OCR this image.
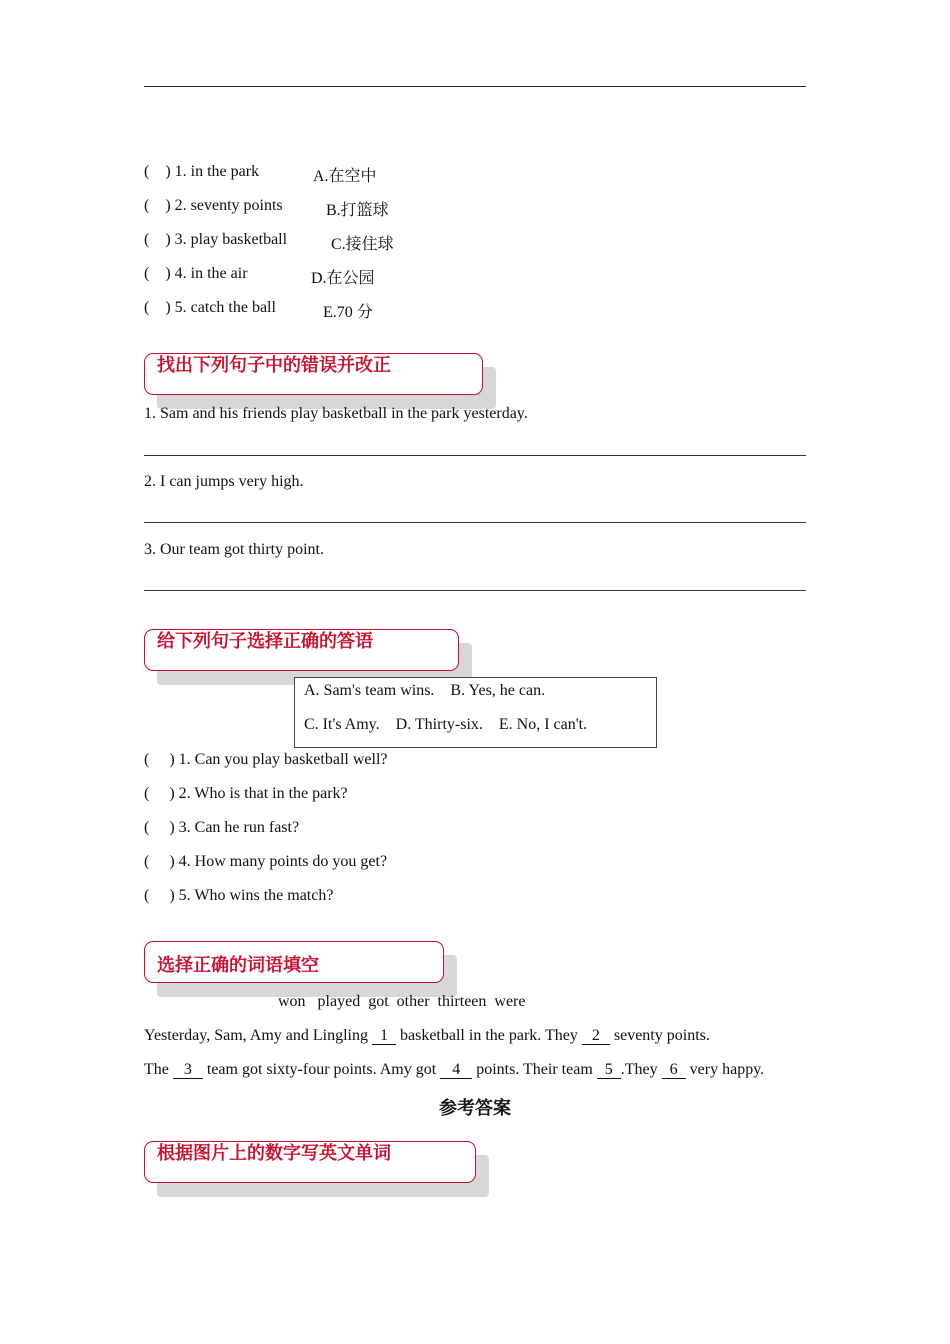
( ) 1. in the park	A.在空中
( ) 2. seventy points	B.打篮球
( ) 3. play basketball	C.接住球
( ) 4. in the air	D.在公园
( ) 5. catch the ball	E.70 分
找出下列句子中的错误并改正
1. Sam and his friends play basketball in the park yesterday.
2. I can jumps very high.
3. Our team got thirty point.
给下列句子选择正确的答语
A. Sam's team wins.    B. Yes, he can.
C. It's Amy.    D. Thirty-six.    E. No, I can't.
( ) 1. Can you play basketball well?
( ) 2. Who is that in the park?
( ) 3. Can he run fast?
( ) 4. How many points do you get?
( ) 5. Who wins the match?
选择正确的词语填空
won   played  got  other  thirteen  were
Yesterday, Sam, Amy and Lingling 1 basketball in the park. They 2 seventy points.
The 3 team got sixty-four points. Amy got 4 points. Their team 5 .They 6 very happy.
参考答案
根据图片上的数字写英文单词
